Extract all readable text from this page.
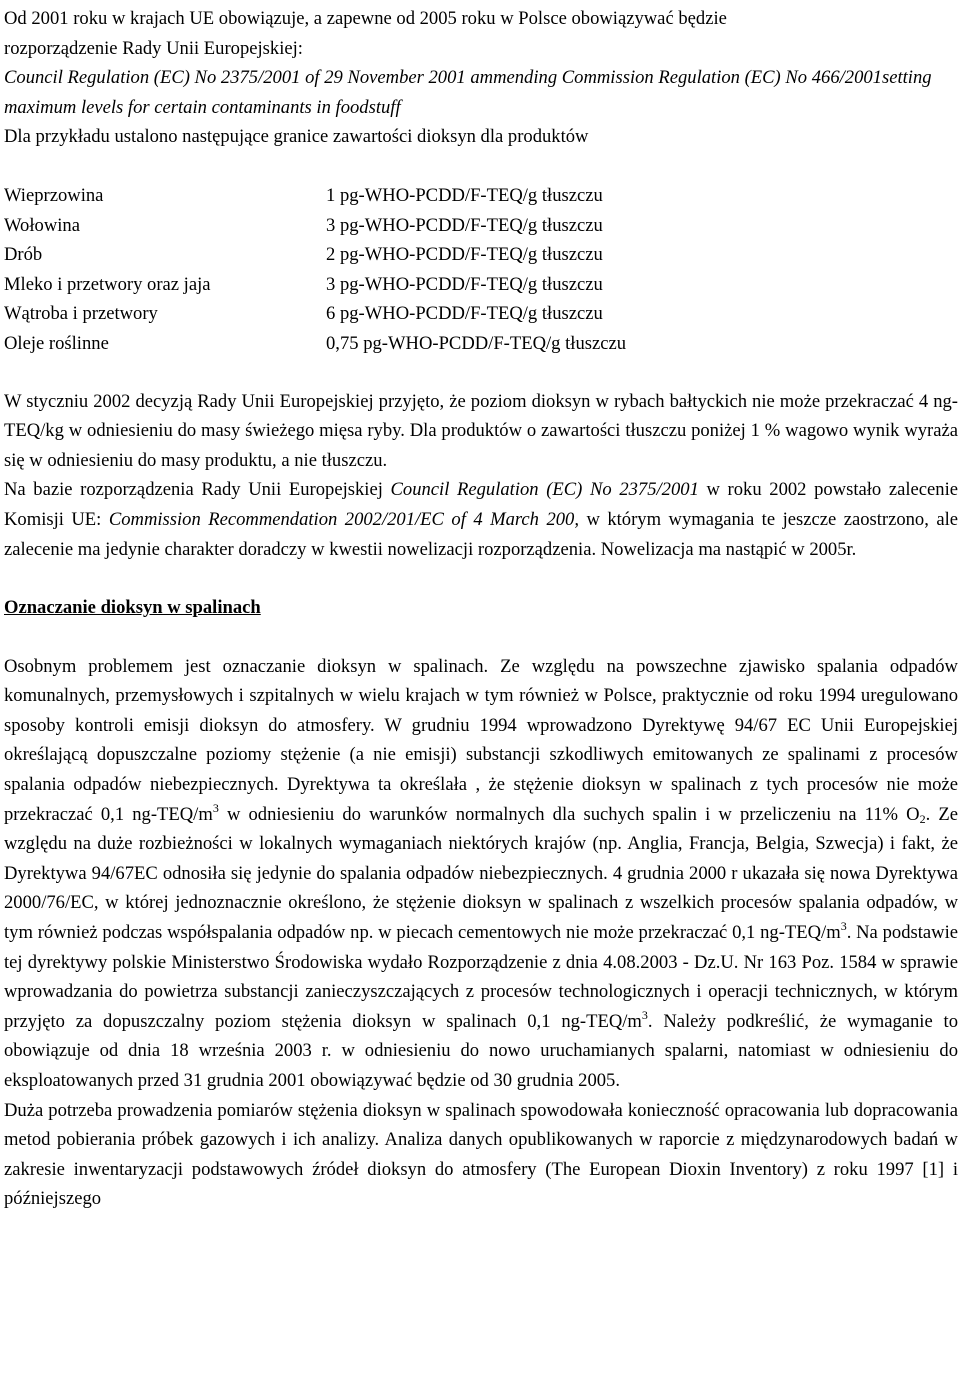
Od 2001 roku w krajach UE obowiązuje, a zapewne od 2005 roku w Polsce obowiązywać będzie

rozporządzenie Rady Unii Europejskiej:

Council Regulation (EC) No 2375/2001 of 29 November 2001 ammending Commission Regulation (EC) No 466/2001setting maximum levels for certain contaminants in foodstuff

Dla przykładu ustalono następujące granice zawartości dioksyn dla produktów

Wieprzowina	1 pg-WHO-PCDD/F-TEQ/g tłuszczu
Wołowina	3 pg-WHO-PCDD/F-TEQ/g tłuszczu
Drób	2 pg-WHO-PCDD/F-TEQ/g tłuszczu
Mleko i przetwory oraz jaja	3 pg-WHO-PCDD/F-TEQ/g tłuszczu
Wątroba i przetwory	6 pg-WHO-PCDD/F-TEQ/g tłuszczu
Oleje roślinne	0,75 pg-WHO-PCDD/F-TEQ/g tłuszczu

W styczniu 2002 decyzją Rady Unii Europejskiej przyjęto, że poziom dioksyn w rybach bałtyckich nie może przekraczać 4 ng-TEQ/kg w odniesieniu do masy świeżego mięsa ryby. Dla produktów o zawartości tłuszczu poniżej 1 % wagowo wynik wyraża się w odniesieniu do masy produktu, a nie tłuszczu.

Na bazie rozporządzenia Rady Unii Europejskiej Council Regulation (EC) No 2375/2001 w roku 2002 powstało zalecenie Komisji UE: Commission Recommendation 2002/201/EC of 4 March 200, w którym wymagania te jeszcze zaostrzono, ale zalecenie ma jedynie charakter doradczy w kwestii nowelizacji rozporządzenia. Nowelizacja ma nastąpić w 2005r.

Oznaczanie dioksyn w spalinach

Osobnym problemem jest oznaczanie dioksyn w spalinach. Ze względu na powszechne zjawisko spalania odpadów komunalnych, przemysłowych i szpitalnych w wielu krajach w tym również w Polsce, praktycznie od roku 1994 uregulowano sposoby kontroli emisji dioksyn do atmosfery. W grudniu 1994 wprowadzono Dyrektywę 94/67 EC Unii Europejskiej określającą dopuszczalne poziomy stężenie (a nie emisji) substancji szkodliwych emitowanych ze spalinami z procesów spalania odpadów niebezpiecznych. Dyrektywa ta określała , że stężenie dioksyn w spalinach z tych procesów nie może przekraczać 0,1 $ng-TEQ/m^3$ w odniesieniu do warunków normalnych dla suchych spalin i w przeliczeniu na 11% $O_2$. Ze względu na duże rozbieżności w lokalnych wymaganiach niektórych krajów (np. Anglia, Francja, Belgia, Szwecja) i fakt, że Dyrektywa 94/67EC odnosiła się jedynie do spalania odpadów niebezpiecznych. 4 grudnia 2000 r ukazała się nowa Dyrektywa 2000/76/EC, w której jednoznacznie określono, że stężenie dioksyn w spalinach z wszelkich procesów spalania odpadów, w tym również podczas współspalania odpadów np. w piecach cementowych nie może przekraczać 0,1 $ng-TEQ/m^3$. Na podstawie tej dyrektywy polskie Ministerstwo Środowiska wydało Rozporządzenie z dnia 4.08.2003 - Dz.U. Nr 163 Poz. 1584 w sprawie wprowadzania do powietrza substancji zanieczyszczających z procesów technologicznych i operacji technicznych, w którym przyjęto za dopuszczalny poziom stężenia dioksyn w spalinach 0,1 $ng-TEQ/m^3$. Należy podkreślić, że wymaganie to obowiązuje od dnia 18 września 2003 r. w odniesieniu do nowo uruchamianych spalarni, natomiast w odniesieniu do eksploatowanych przed 31 grudnia 2001 obowiązywać będzie od 30 grudnia 2005.

Duża potrzeba prowadzenia pomiarów stężenia dioksyn w spalinach spowodowała konieczność opracowania lub dopracowania metod pobierania próbek gazowych i ich analizy. Analiza danych opublikowanych w raporcie z międzynarodowych badań w zakresie inwentaryzacji podstawowych źródeł dioksyn do atmosfery (The European Dioxin Inventory) z roku 1997 [1] i późniejszego
